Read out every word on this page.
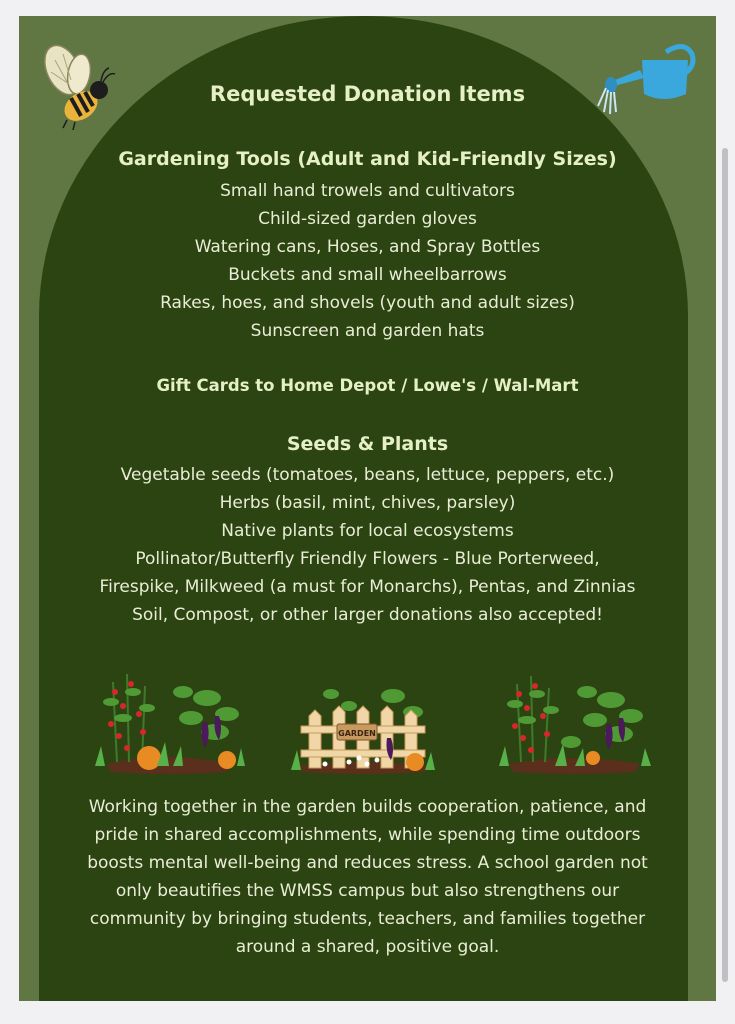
Requested Donation Items
Gardening Tools (Adult and Kid-Friendly Sizes)
Small hand trowels and cultivators
Child-sized garden gloves
Watering cans, Hoses, and Spray Bottles
Buckets and small wheelbarrows
Rakes, hoes, and shovels (youth and adult sizes)
Sunscreen and garden hats
Gift Cards to Home Depot / Lowe's / Wal-Mart
Seeds & Plants
Vegetable seeds (tomatoes, beans, lettuce, peppers, etc.)
Herbs (basil, mint, chives, parsley)
Native plants for local ecosystems
Pollinator/Butterfly Friendly Flowers - Blue Porterweed,
Firespike, Milkweed (a must for Monarchs), Pentas, and Zinnias
Soil, Compost, or other larger donations also accepted!
GARDEN
Working together in the garden builds cooperation, patience, and pride in shared accomplishments, while spending time outdoors boosts mental well-being and reduces stress. A school garden not only beautifies the WMSS campus but also strengthens our community by bringing students, teachers, and families together around a shared, positive goal.
